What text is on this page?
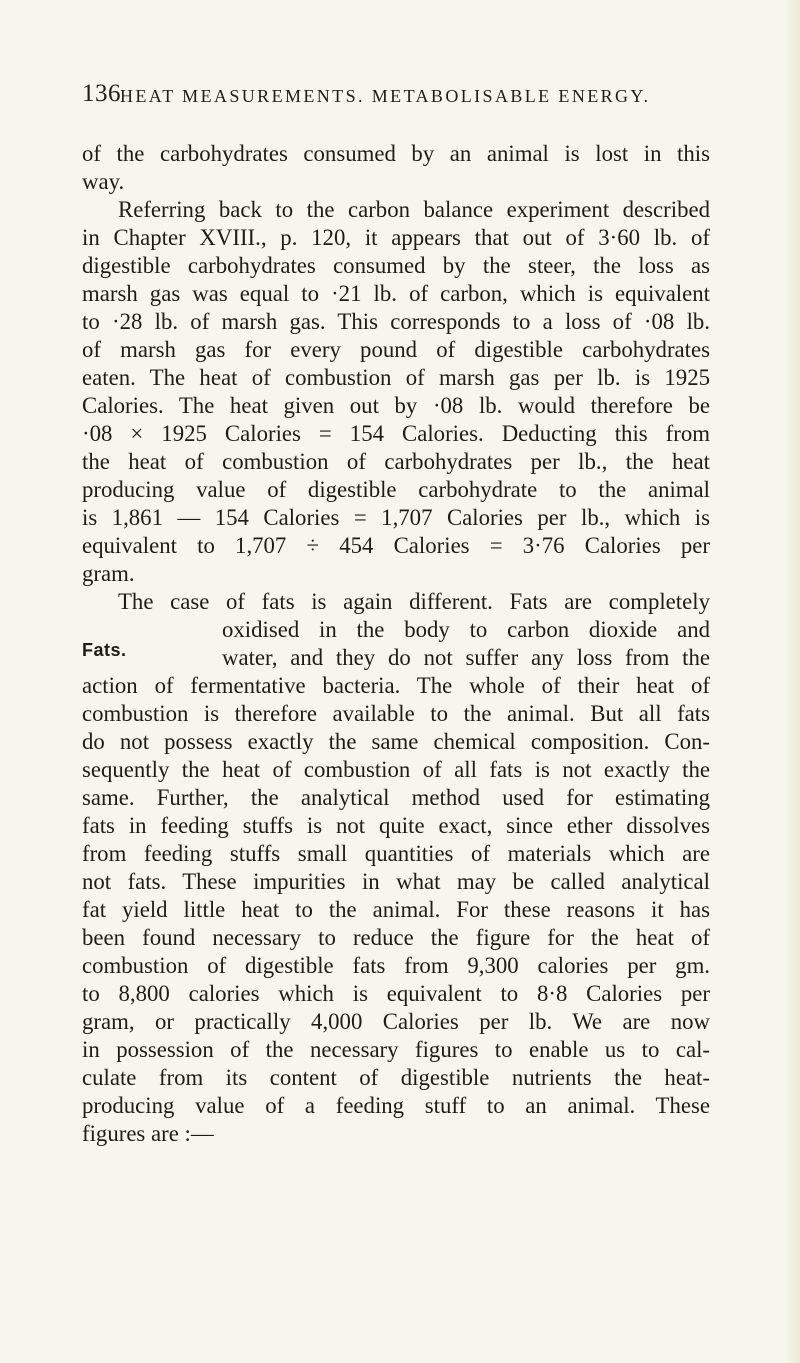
136 HEAT MEASUREMENTS. METABOLISABLE ENERGY.
Fats.
of the carbohydrates consumed by an animal is lost in this
way.
Referring back to the carbon balance experiment described
in Chapter XVIII., p. 120, it appears that out of 3·60 lb. of
digestible carbohydrates consumed by the steer, the loss as
marsh gas was equal to ·21 lb. of carbon, which is equivalent
to ·28 lb. of marsh gas. This corresponds to a loss of ·08 lb.
of marsh gas for every pound of digestible carbohydrates
eaten. The heat of combustion of marsh gas per lb. is 1925
Calories. The heat given out by ·08 lb. would therefore be
·08 × 1925 Calories = 154 Calories. Deducting this from
the heat of combustion of carbohydrates per lb., the heat
producing value of digestible carbohydrate to the animal
is 1,861 — 154 Calories = 1,707 Calories per lb., which is
equivalent to 1,707 ÷ 454 Calories = 3·76 Calories per
gram.
The case of fats is again different. Fats are completely
oxidised in the body to carbon dioxide and
water, and they do not suffer any loss from the
action of fermentative bacteria. The whole of their heat of
combustion is therefore available to the animal. But all fats
do not possess exactly the same chemical composition. Con-
sequently the heat of combustion of all fats is not exactly the
same. Further, the analytical method used for estimating
fats in feeding stuffs is not quite exact, since ether dissolves
from feeding stuffs small quantities of materials which are
not fats. These impurities in what may be called analytical
fat yield little heat to the animal. For these reasons it has
been found necessary to reduce the figure for the heat of
combustion of digestible fats from 9,300 calories per gm.
to 8,800 calories which is equivalent to 8·8 Calories per
gram, or practically 4,000 Calories per lb. We are now
in possession of the necessary figures to enable us to cal-
culate from its content of digestible nutrients the heat-
producing value of a feeding stuff to an animal. These
figures are :—
